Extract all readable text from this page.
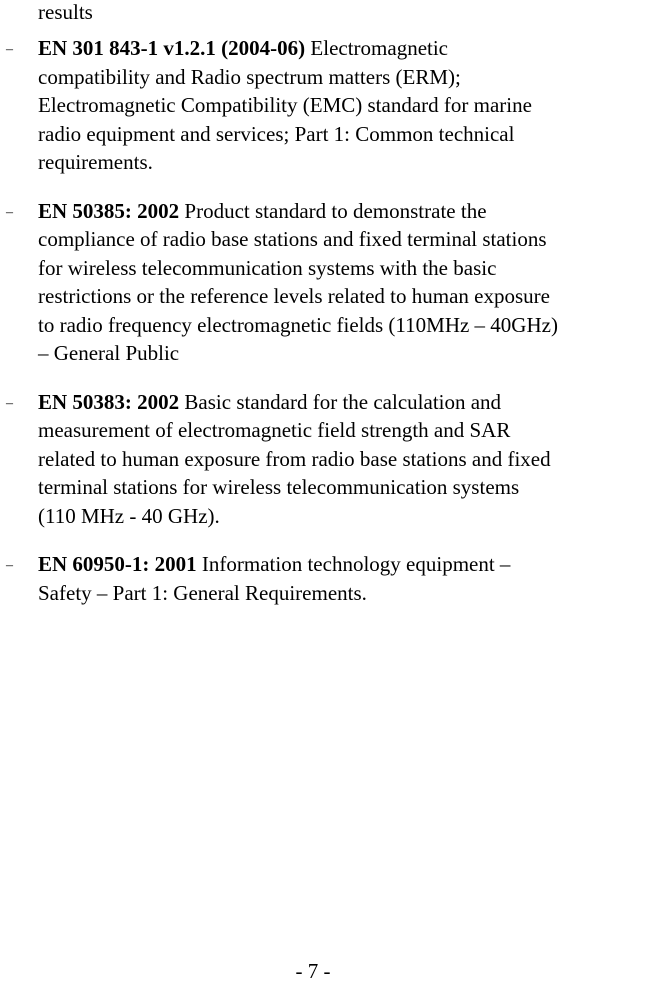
results
– EN 301 843-1 v1.2.1 (2004-06) Electromagnetic
compatibility and Radio spectrum matters (ERM);
Electromagnetic Compatibility (EMC) standard for marine
radio equipment and services; Part 1: Common technical
requirements.
– EN 50385: 2002 Product standard to demonstrate the
compliance of radio base stations and fixed terminal stations
for wireless telecommunication systems with the basic
restrictions or the reference levels related to human exposure
to radio frequency electromagnetic fields (110MHz – 40GHz)
– General Public
– EN 50383: 2002 Basic standard for the calculation and
measurement of electromagnetic field strength and SAR
related to human exposure from radio base stations and fixed
terminal stations for wireless telecommunication systems
(110 MHz - 40 GHz).
– EN 60950-1: 2001 Information technology equipment –
Safety – Part 1: General Requirements.
- 7 -
